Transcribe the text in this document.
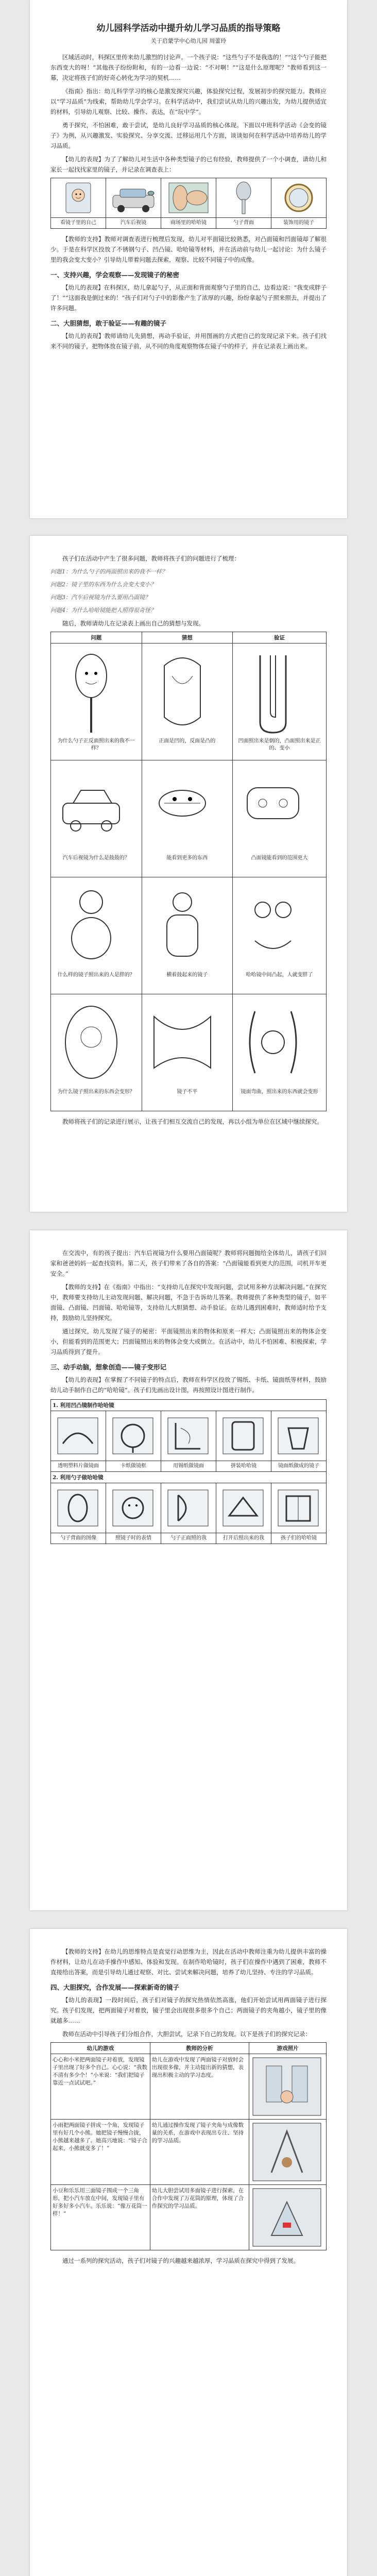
幼儿园科学活动中提升幼儿学习品质的指导策略
关于启蒙学中心幼儿园 周蕾玲

区域活动时，科探区里传来幼儿激烈的讨论声。一个孩子说：“这些勺子不是我选的！”“这个勺子能把东西变大的呀！”其他孩子纷纷附和，有的一边看一边说：“不对啊！”“这是什么原理呢？”教师看到这一幕，决定将孩子们的好奇心转化为学习的契机……

《指南》指出：幼儿科学学习的核心是激发探究兴趣，体验探究过程，发展初步的探究能力。教师应以“学习品质”为线索，帮助幼儿学会学习。在科学活动中，我们尝试从幼儿的兴趣出发，为幼儿提供适宜的材料，引导幼儿观察、比较、操作、表达，在“玩中学”。

勇于探究，不怕困难，敢于尝试，是幼儿良好学习品质的核心体现。下面以中班科学活动《会变的镜子》为例，从兴趣激发、实验探究、分享交流、迁移运用几个方面，谈谈如何在科学活动中培养幼儿的学习品质。

【幼儿的表现】为了了解幼儿对生活中各种类型镜子的已有经验，教师提供了一个小调查，请幼儿和家长一起找找家里的镜子，并记录在调查表上：

看镜子里的自己	汽车后视镜	商场里的哈哈镜	勺子背面	装饰用的镜子

【教师的支持】教师对调查表进行梳理后发现，幼儿对平面镜比较熟悉，对凸面镜和凹面镜却了解很少。于是在科学区投放了不锈钢勺子、凹凸镜、哈哈镜等材料，并在活动前与幼儿一起讨论：为什么镜子里的我会变大变小？引导幼儿带着问题去探索，观察、比较不同镜子中的成像。

一、支持兴趣，学会观察——发现镜子的秘密

【幼儿的表现】在科探区，幼儿拿起勺子，从正面和背面观察勺子里的自己，边看边说：“我变成胖子了！”“这面我是倒过来的！”孩子们对勺子中的影像产生了浓厚的兴趣，纷纷拿起勺子照来照去，并提出了许多问题。

二、大胆猜想，敢于验证——有趣的镜子

【幼儿的表现】教师请幼儿先猜想，再动手验证，并用图画的方式把自己的发现记录下来。孩子们找来不同的镜子，把物体放在镜子前，从不同的角度观察物体在镜子中的样子，并在记录表上画出来。

孩子们在活动中产生了很多问题，教师将孩子们的问题进行了梳理：

问题1：为什么勺子的两面照出来的我不一样？

问题2：镜子里的东西为什么会变大变小？

问题3：汽车后视镜为什么要用凸面镜？

问题4：为什么哈哈镜能把人照得很奇怪？

随后，教师请幼儿在记录表上画出自己的猜想与发现。

问题	猜想	验证

为什么勺子正反面照出来的我不一样？	正面是凹的，反面是凸的	凹面照出来是倒的，凸面照出来是正的、变小

汽车后视镜为什么是鼓鼓的？	能看到更多的东西	凸面镜能看到的范围更大

什么样的镜子照出来的人是胖的？	横着鼓起来的镜子	哈哈镜中间凸起，人就变胖了

为什么镜子照出来的东西会变形？	镜子不平	镜面弯曲，照出来的东西就会变形

教师将孩子们的记录进行展示，让孩子们相互交流自己的发现，再以小组为单位在区域中继续探究。

在交流中，有的孩子提出：汽车后视镜为什么要用凸面镜呢？教师将问题抛给全体幼儿，请孩子们回家和爸爸妈妈一起查找资料。第二天，孩子们带来了各自的答案：“凸面镜能看到更大的范围，司机开车更安全。”

【教师的支持】在《指南》中指出：“支持幼儿在探究中发现问题，尝试用多种方法解决问题。”在探究中，教师要支持幼儿主动发现问题、解决问题，不急于告诉幼儿答案。教师提供了多种类型的镜子，如平面镜、凸面镜、凹面镜、哈哈镜等，支持幼儿大胆猜想、动手验证。在幼儿遇到困难时，教师适时给予支持，鼓励幼儿坚持探究。

通过探究，幼儿发现了镜子的秘密：平面镜照出来的物体和原来一样大；凸面镜照出来的物体会变小，但能看到的范围更大；凹面镜照出来的物体会变大或倒立。在活动中，幼儿不怕困难、积极探索，学习品质得到了提升。

三、动手动脑，想象创造——镜子变形记

【幼儿的表现】在掌握了不同镜子的特点后，教师在科学区投放了锡纸、卡纸、镜面纸等材料，鼓励幼儿动手制作自己的“哈哈镜”。孩子们先画出设计图，再按照设计图进行制作。

1. 利用凹凸镜制作哈哈镜				

透明塑料片做镜面	卡纸做镜框	用锡纸做镜面	拼装哈哈镜	镜面纸做成的镜子
2. 利用勺子做哈哈镜				

勺子背面的图像	照镜子时的表情	勺子正面照的我	打开后照出来的我	孩子们的哈哈镜

【教师的支持】在幼儿的思维特点是直觉行动思维为主，因此在活动中教师注重为幼儿提供丰富的操作材料，让幼儿在动手操作中感知、体验和发现。在制作哈哈镜时，孩子们在操作中遇到了困难，教师不直接给出答案，而是引导幼儿通过观察、对比、尝试来解决问题，培养了幼儿坚持、专注的学习品质。

四、大胆探究，合作发展——探索新奇的镜子

【幼儿的表现】一段时间后，孩子们对镜子的探究热情依然高涨，他们开始尝试用两面镜子进行探究。孩子们发现，把两面镜子对着放，镜子里会出现很多很多个自己；两面镜子的夹角越小，镜子里的像就越多……

教师在活动中引导孩子们分组合作，大胆尝试，记录下自己的发现。以下是孩子们的探究记录：

幼儿的游戏	教师的分析	游戏照片
心心和小米把两面镜子对着放，发现镜子里出现了好多个自己。心心说：“我数不清有多少个！”小米说：“我们把镜子靠近一点试试吧。”	幼儿在游戏中发现了两面镜子对放时会出现很多像，并主动提出新的猜想，表现出积极主动的学习态度。	

小雨把两面镜子拼成一个角，发现镜子里有好几个小熊。她把镜子慢慢合拢，小熊越来越多了。她高兴地说：“镜子合起来，小熊就变多了！”	幼儿通过操作发现了镜子夹角与成像数量的关系，在游戏中表现出专注、坚持的学习品质。	

小豆和乐乐用三面镜子围成一个三角形，把小汽车放在中间，发现镜子里有好多好多小汽车。乐乐说：“像万花筒一样！”	幼儿大胆尝试用多面镜子进行探索，在合作中发现了万花筒的原理，体现了合作探究的学习品质。	

通过一系列的探究活动，孩子们对镜子的兴趣越来越浓厚，学习品质在探究中得到了发展。
